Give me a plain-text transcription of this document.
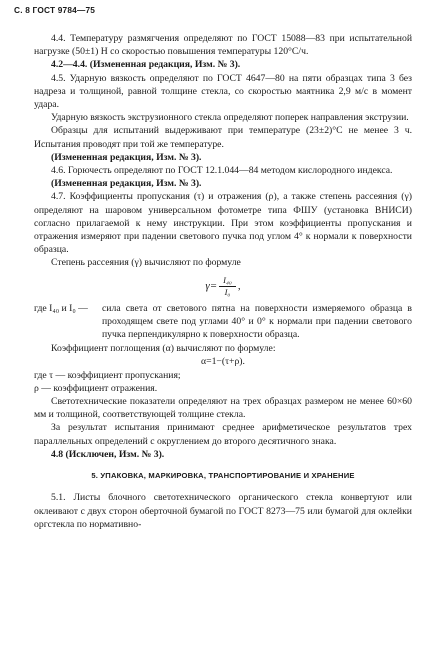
С. 8 ГОСТ 9784—75

4.4. Температуру размягчения определяют по ГОСТ 15088—83 при испытательной нагрузке (50±1) Н со скоростью повышения температуры 120°С/ч.

4.2—4.4. (Измененная редакция, Изм. № 3).

4.5. Ударную вязкость определяют по ГОСТ 4647—80 на пяти образцах типа 3 без надреза и толщиной, равной толщине стекла, со скоростью маятника 2,9 м/с в момент удара.

Ударную вязкость экструзионного стекла определяют поперек направления экструзии.

Образцы для испытаний выдерживают при температуре (23±2)°С не менее 3 ч. Испытания проводят при той же температуре.

(Измененная редакция, Изм. № 3).

4.6. Горючесть определяют по ГОСТ 12.1.044—84 методом кислородного индекса.

(Измененная редакция, Изм. № 3).

4.7. Коэффициенты пропускания (τ) и отражения (ρ), а также степень рассеяния (γ) определяют на шаровом универсальном фотометре типа ФШУ (установка ВНИСИ) согласно прилагаемой к нему инструкции. При этом коэффициенты пропускания и отражения измеряют при падении светового пучка под углом 4° к нормали к поверхности образца.

Степень рассеяния (γ) вычисляют по формуле

$\gamma= \frac{\text{I₄₀}}{\text{I₀}}$ ,
где I₄₀ и I₀ —	сила света от светового пятна на поверхности измеряемого образца в проходящем свете под углами 40° и 0° к нормали при падении светового пучка перпендикулярно к поверхности образца.

Коэффициент поглощения (α) вычисляют по формуле:

α=1−(τ+ρ).

где τ — коэффициент пропускания;

ρ — коэффициент отражения.

Светотехнические показатели определяют на трех образцах размером не менее 60×60 мм и толщиной, соответствующей толщине стекла.

За результат испытания принимают среднее арифметическое результатов трех параллельных определений с округлением до второго десятичного знака.

4.8 (Исключен, Изм. № 3).

5. УПАКОВКА, МАРКИРОВКА, ТРАНСПОРТИРОВАНИЕ И ХРАНЕНИЕ

5.1. Листы блочного светотехнического органического стекла конвертуют или оклеивают с двух сторон оберточной бумагой по ГОСТ 8273—75 или бумагой для оклейки оргстекла по нормативно-
